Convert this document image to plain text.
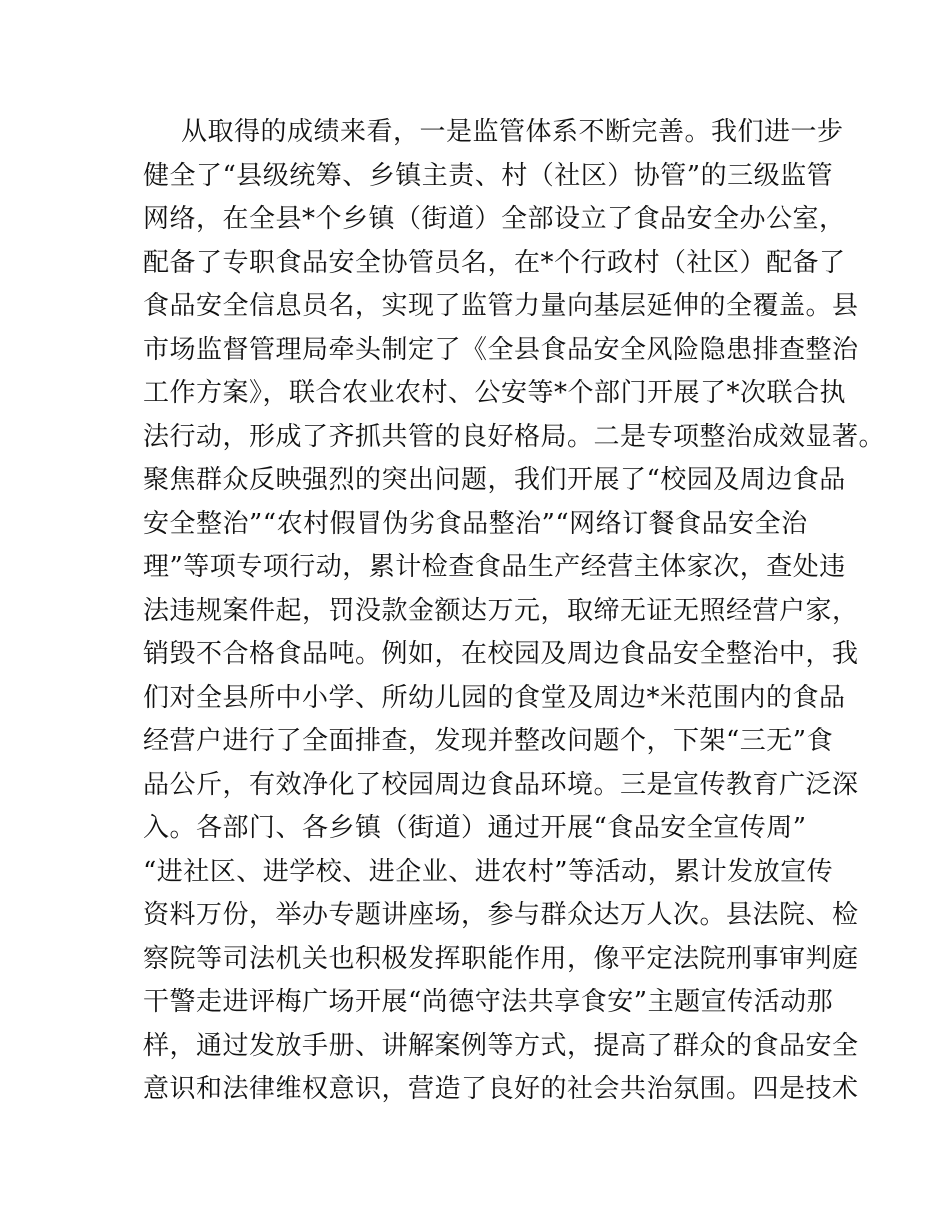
从取得的成绩来看，一是监管体系不断完善。我们进一步
健全了“县级统筹、乡镇主责、村（社区）协管”的三级监管
网络，在全县*个乡镇（街道）全部设立了食品安全办公室，
配备了专职食品安全协管员名，在*个行政村（社区）配备了
食品安全信息员名，实现了监管力量向基层延伸的全覆盖。县
市场监督管理局牵头制定了《全县食品安全风险隐患排查整治
工作方案》，联合农业农村、公安等*个部门开展了*次联合执
法行动，形成了齐抓共管的良好格局。二是专项整治成效显著。
聚焦群众反映强烈的突出问题，我们开展了“校园及周边食品
安全整治”“农村假冒伪劣食品整治”“网络订餐食品安全治
理”等项专项行动，累计检查食品生产经营主体家次，查处违
法违规案件起，罚没款金额达万元，取缔无证无照经营户家，
销毁不合格食品吨。例如，在校园及周边食品安全整治中，我
们对全县所中小学、所幼儿园的食堂及周边*米范围内的食品
经营户进行了全面排查，发现并整改问题个，下架“三无”食
品公斤，有效净化了校园周边食品环境。三是宣传教育广泛深
入。各部门、各乡镇（街道）通过开展“食品安全宣传周”
“进社区、进学校、进企业、进农村”等活动，累计发放宣传
资料万份，举办专题讲座场，参与群众达万人次。县法院、检
察院等司法机关也积极发挥职能作用，像平定法院刑事审判庭
干警走进评梅广场开展“尚德守法共享食安”主题宣传活动那
样，通过发放手册、讲解案例等方式，提高了群众的食品安全
意识和法律维权意识，营造了良好的社会共治氛围。四是技术
